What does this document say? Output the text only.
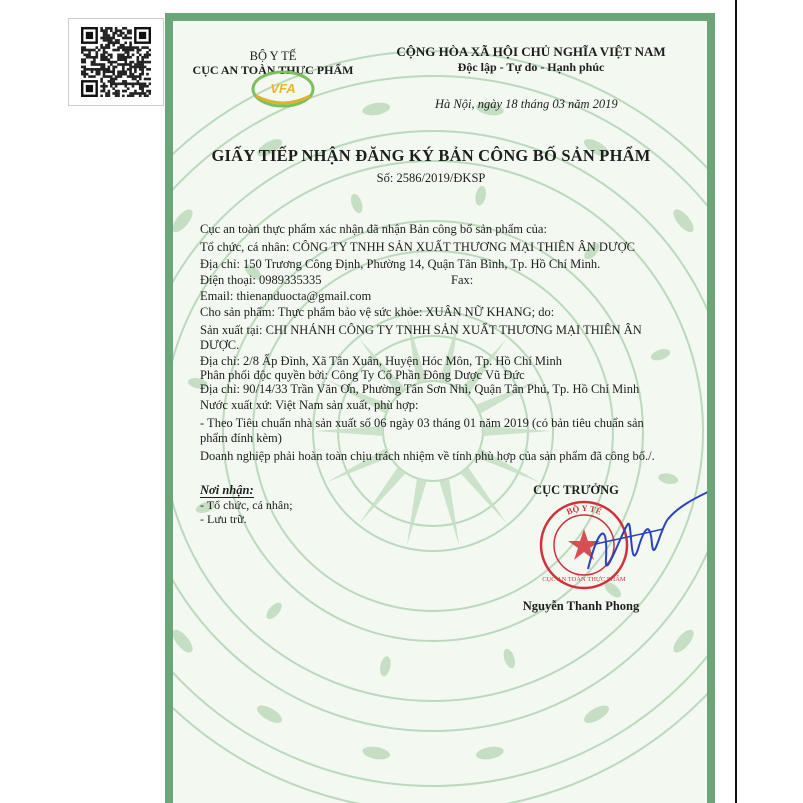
BỘ Y TẾ
CỤC AN TOÀN THỰC PHẨM
VFA
CỘNG HÒA XÃ HỘI CHỦ NGHĨA VIỆT NAM
Độc lập - Tự do - Hạnh phúc
Hà Nội, ngày 18 tháng 03 năm 2019
GIẤY TIẾP NHẬN ĐĂNG KÝ BẢN CÔNG BỐ SẢN PHẨM
Số: 2586/2019/ĐKSP
Cục an toàn thực phẩm xác nhận đã nhận Bản công bố sản phẩm của:
Tổ chức, cá nhân: CÔNG TY TNHH SẢN XUẤT THƯƠNG MẠI THIÊN ÂN DƯỢC
Địa chỉ: 150 Trương Công Định, Phường 14, Quận Tân Bình, Tp. Hồ Chí Minh.
Điện thoại: 0989335335	Fax:
Email: thienanduocta@gmail.com
Cho sản phẩm: Thực phẩm bảo vệ sức khỏe: XUÂN NỮ KHANG; do:
Sản xuất tại: CHI NHÁNH CÔNG TY TNHH SẢN XUẤT THƯƠNG MẠI THIÊN ÂN
DƯỢC.
Địa chỉ: 2/8 Ấp Đình, Xã Tân Xuân, Huyện Hóc Môn, Tp. Hồ Chí Minh
Phân phối độc quyền bởi: Công Ty Cổ Phần Đông Dược Vũ Đức
Địa chỉ: 90/14/33 Trần Văn Ơn, Phường Tân Sơn Nhì, Quận Tân Phú, Tp. Hồ Chí Minh
Nước xuất xứ: Việt Nam sản xuất, phù hợp:
- Theo Tiêu chuẩn nhà sản xuất số 06 ngày 03 tháng 01 năm 2019 (có bản tiêu chuẩn sản
phẩm đính kèm)
Doanh nghiệp phải hoàn toàn chịu trách nhiệm về tính phù hợp của sản phẩm đã công bố./.
Nơi nhận:
- Tổ chức, cá nhân;
- Lưu trữ.
CỤC TRƯỞNG
BỘ Y TẾ
CỤC AN TOÀN THỰC PHẨM
Nguyễn Thanh Phong
